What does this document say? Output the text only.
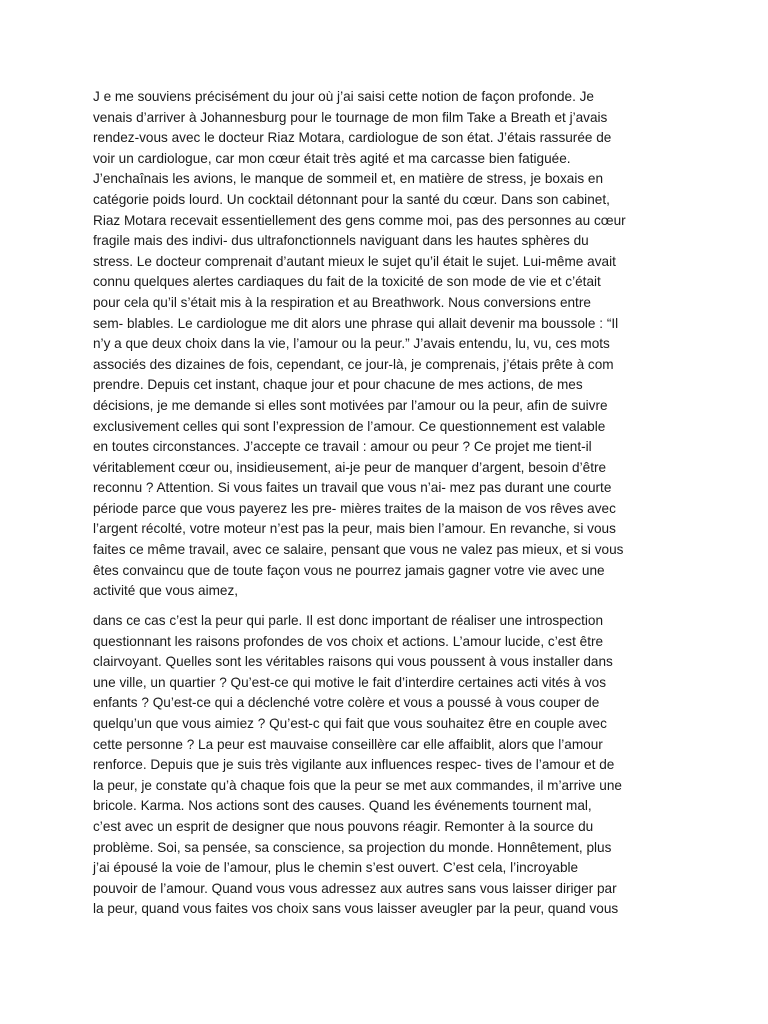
J e me souviens précisément du jour où j’ai saisi cette notion de façon profonde. Je
venais d’arriver à Johannesburg pour le tournage de mon film Take a Breath et j’avais
rendez-vous avec le docteur Riaz Motara, cardiologue de son état. J’étais rassurée de
voir un cardiologue, car mon cœur était très agité et ma carcasse bien fatiguée.
J’enchaînais les avions, le manque de sommeil et, en matière de stress, je boxais en
catégorie poids lourd. Un cocktail détonnant pour la santé du cœur. Dans son cabinet,
Riaz Motara recevait essentiellement des gens comme moi, pas des personnes au cœur
fragile mais des indivi- dus ultrafonctionnels naviguant dans les hautes sphères du
stress. Le docteur comprenait d’autant mieux le sujet qu’il était le sujet. Lui-même avait
connu quelques alertes cardiaques du fait de la toxicité de son mode de vie et c’était
pour cela qu’il s’était mis à la respiration et au Breathwork. Nous conversions entre
sem- blables. Le cardiologue me dit alors une phrase qui allait devenir ma boussole : “Il
n’y a que deux choix dans la vie, l’amour ou la peur.” J’avais entendu, lu, vu, ces mots
associés des dizaines de fois, cependant, ce jour-là, je comprenais, j’étais prête à com
prendre. Depuis cet instant, chaque jour et pour chacune de mes actions, de mes
décisions, je me demande si elles sont motivées par l’amour ou la peur, afin de suivre
exclusivement celles qui sont l’expression de l’amour. Ce questionnement est valable
en toutes circonstances. J’accepte ce travail : amour ou peur ? Ce projet me tient-il
véritablement cœur ou, insidieusement, ai-je peur de manquer d’argent, besoin d’être
reconnu ? Attention. Si vous faites un travail que vous n’ai- mez pas durant une courte
période parce que vous payerez les pre- mières traites de la maison de vos rêves avec
l’argent récolté, votre moteur n’est pas la peur, mais bien l’amour. En revanche, si vous
faites ce même travail, avec ce salaire, pensant que vous ne valez pas mieux, et si vous
êtes convaincu que de toute façon vous ne pourrez jamais gagner votre vie avec une
activité que vous aimez,
dans ce cas c’est la peur qui parle. Il est donc important de réaliser une introspection
questionnant les raisons profondes de vos choix et actions. L’amour lucide, c’est être
clairvoyant. Quelles sont les véritables raisons qui vous poussent à vous installer dans
une ville, un quartier ? Qu’est-ce qui motive le fait d’interdire certaines acti vités à vos
enfants ? Qu’est-ce qui a déclenché votre colère et vous a poussé à vous couper de
quelqu’un que vous aimiez ? Qu’est-c qui fait que vous souhaitez être en couple avec
cette personne ? La peur est mauvaise conseillère car elle affaiblit, alors que l’amour
renforce. Depuis que je suis très vigilante aux influences respec- tives de l’amour et de
la peur, je constate qu’à chaque fois que la peur se met aux commandes, il m’arrive une
bricole. Karma. Nos actions sont des causes. Quand les événements tournent mal,
c’est avec un esprit de designer que nous pouvons réagir. Remonter à la source du
problème. Soi, sa pensée, sa conscience, sa projection du monde. Honnêtement, plus
j’ai épousé la voie de l’amour, plus le chemin s’est ouvert. C’est cela, l’incroyable
pouvoir de l’amour. Quand vous vous adressez aux autres sans vous laisser diriger par
la peur, quand vous faites vos choix sans vous laisser aveugler par la peur, quand vous
